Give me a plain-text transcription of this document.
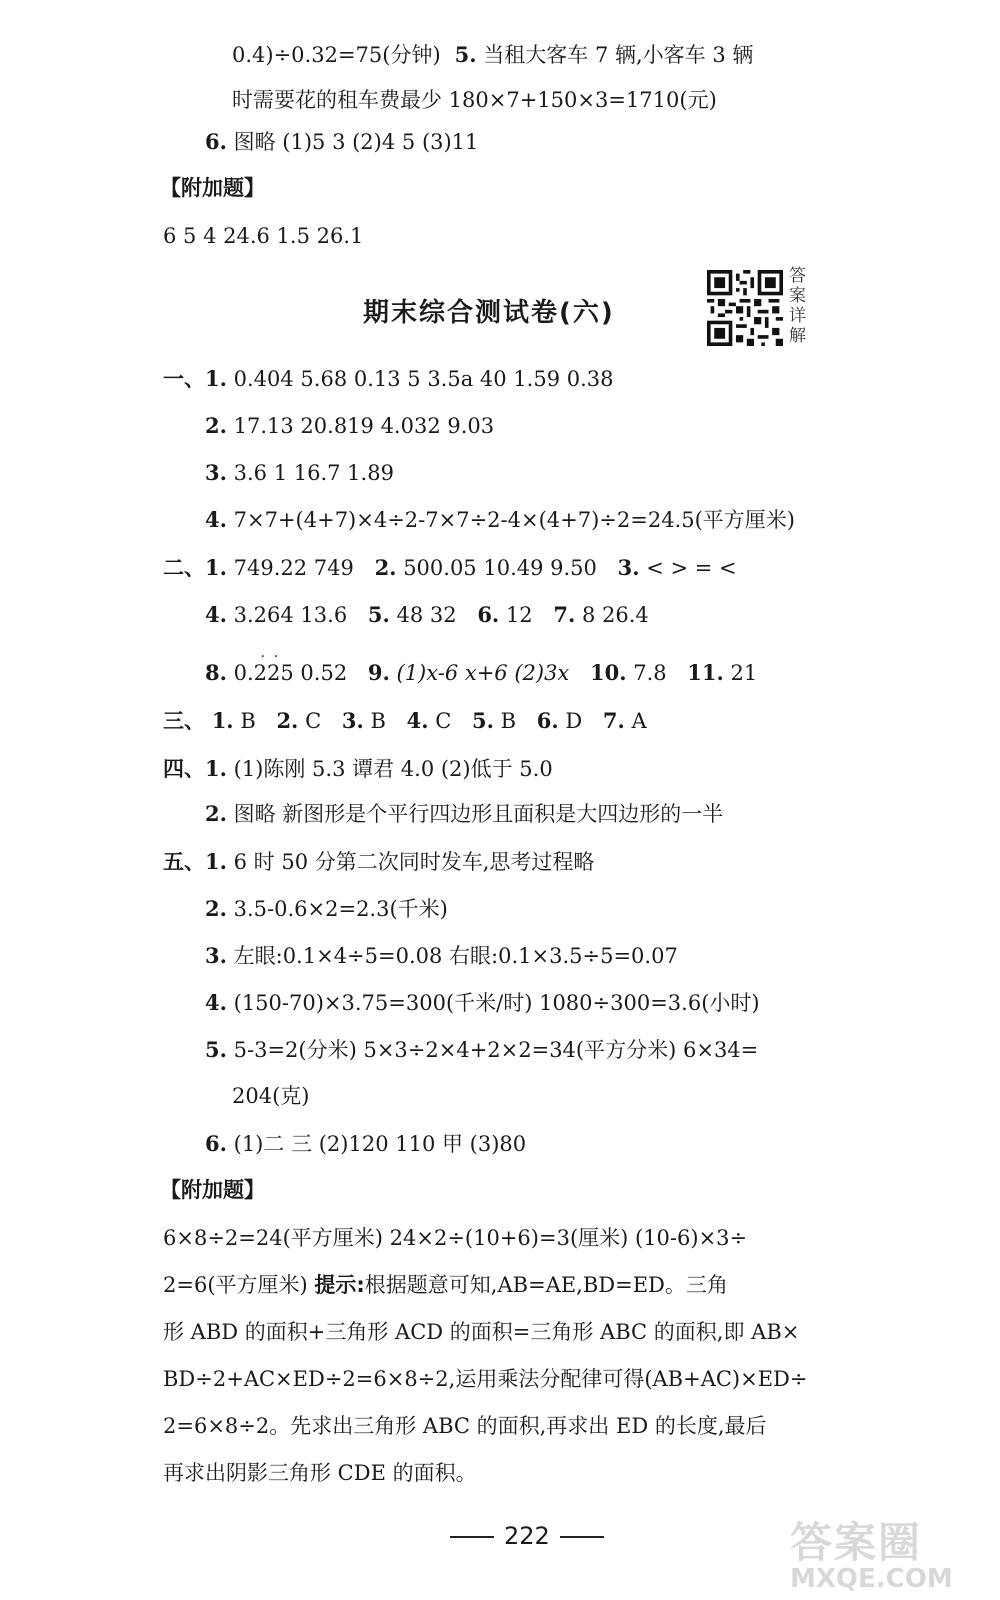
0.4)÷0.32=75(分钟) 5. 当租大客车 7 辆,小客车 3 辆
时需要花的租车费最少 180×7+150×3=1710(元)
6. 图略 (1)5 3 (2)4 5 (3)11
【附加题】
6 5 4 24.6 1.5 26.1
期末综合测试卷(六)
答案详解
一、1. 0.404 5.68 0.13 5 3.5a 40 1.59 0.38
2. 17.13 20.819 4.032 9.03
3. 3.6 1 16.7 1.89
4. 7×7+(4+7)×4÷2-7×7÷2-4×(4+7)÷2=24.5(平方厘米)
二、1. 749.22 749 2. 500.05 10.49 9.50 3. < > = <
4. 3.264 13.6 5. 48 32 6. 12 7. 8 26.4
8.
· ·
0.225 0.52 9. (1)x-6 x+6 (2)3x 10. 7.8 11. 21
三、 1. B 2. C 3. B 4. C 5. B 6. D 7. A
四、1. (1)陈刚 5.3 谭君 4.0 (2)低于 5.0
2. 图略 新图形是个平行四边形且面积是大四边形的一半
五、1. 6 时 50 分第二次同时发车,思考过程略
2. 3.5-0.6×2=2.3(千米)
3. 左眼:0.1×4÷5=0.08 右眼:0.1×3.5÷5=0.07
4. (150-70)×3.75=300(千米/时) 1080÷300=3.6(小时)
5. 5-3=2(分米) 5×3÷2×4+2×2=34(平方分米) 6×34=
204(克)
6. (1)二 三 (2)120 110 甲 (3)80
【附加题】
6×8÷2=24(平方厘米) 24×2÷(10+6)=3(厘米) (10-6)×3÷
2=6(平方厘米) 提示:根据题意可知,AB=AE,BD=ED。三角
形 ABD 的面积+三角形 ACD 的面积=三角形 ABC 的面积,即 AB×
BD÷2+AC×ED÷2=6×8÷2,运用乘法分配律可得(AB+AC)×ED÷
2=6×8÷2。先求出三角形 ABC 的面积,再求出 ED 的长度,最后
再求出阴影三角形 CDE 的面积。
222	答案圈
MXQE.COM
